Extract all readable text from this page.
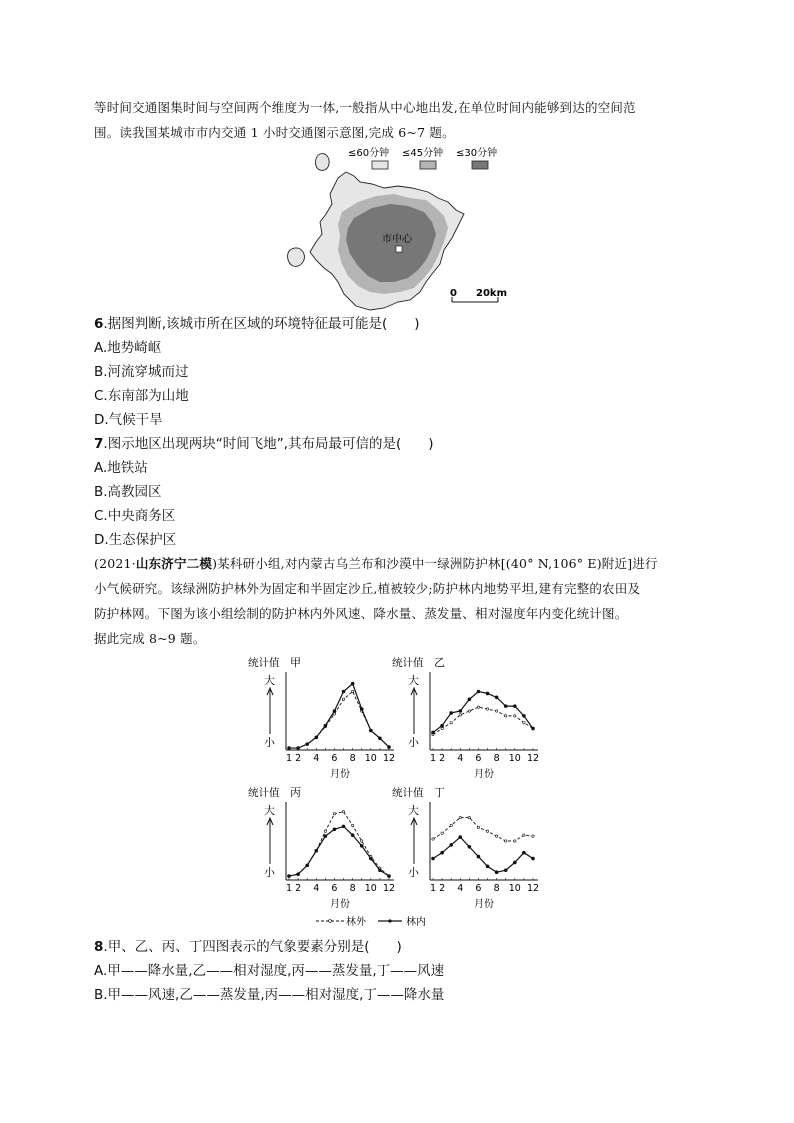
等时间交通图集时间与空间两个维度为一体,一般指从中心地出发,在单位时间内能够到达的空间范
围。读我国某城市市内交通 1 小时交通图示意图,完成 6~7 题。
≤60分钟 ≤45分钟 ≤30分钟
市中心
0 20km
6.据图判断,该城市所在区域的环境特征最可能是(　　)
A.地势崎岖
B.河流穿城而过
C.东南部为山地
D.气候干旱
7.图示地区出现两块“时间飞地”,其布局最可信的是(　　)
A.地铁站
B.高教园区
C.中央商务区
D.生态保护区
(2021·山东济宁二模)某科研小组,对内蒙古乌兰布和沙漠中一绿洲防护林[(40° N,106° E)附近]进行
小气候研究。该绿洲防护林外为固定和半固定沙丘,植被较少;防护林内地势平坦,建有完整的农田及
防护林网。下图为该小组绘制的防护林内外风速、降水量、蒸发量、相对湿度年内变化统计图。
据此完成 8~9 题。
统计值 甲
大
小
1 2 4 6 8 10 12
月份
统计值 乙
大
小
1 2 4 6 8 10 12
月份
统计值 丙
大
小
1 2 4 6 8 10 12
月份
统计值 丁
大
小
1 2 4 6 8 10 12
月份
林外	林内
8.甲、乙、丙、丁四图表示的气象要素分别是(　　)
A.甲——降水量,乙——相对湿度,丙——蒸发量,丁——风速
B.甲——风速,乙——蒸发量,丙——相对湿度,丁——降水量
